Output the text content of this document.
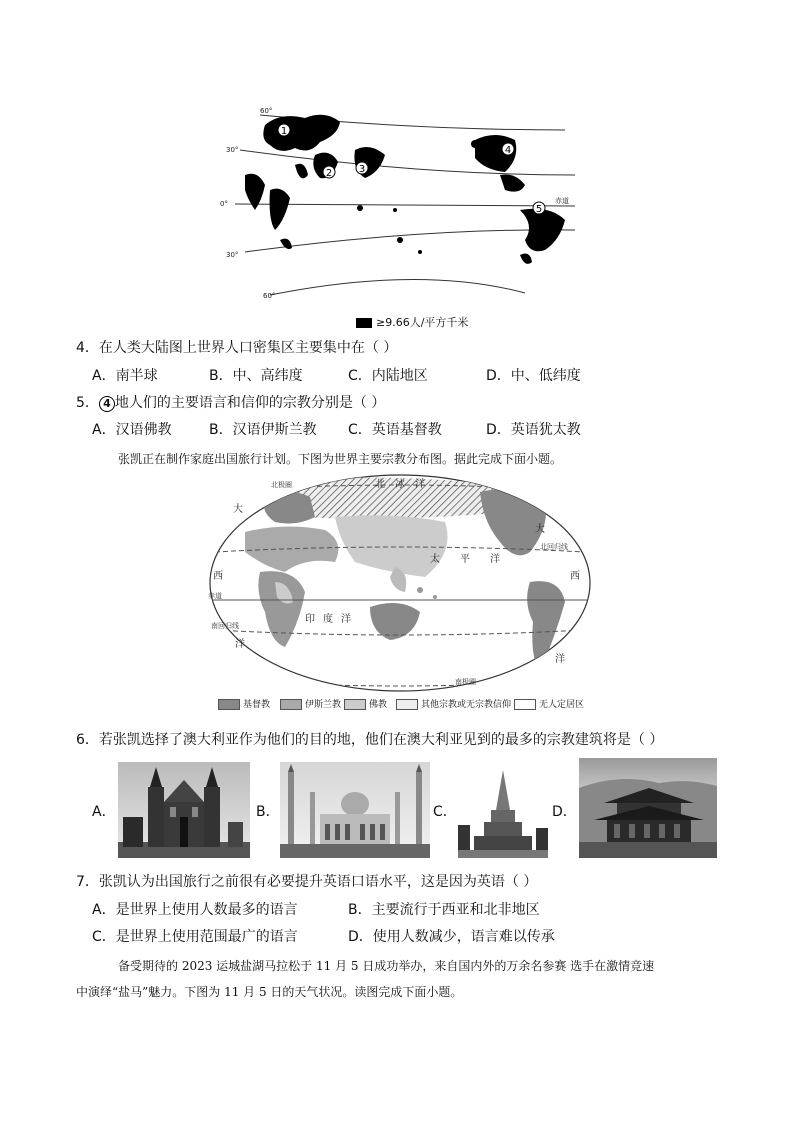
1
2	3
4
5
60°
30°
0°
30°
60°
赤道
≥9.66人/平方千米
4．在人类大陆图上世界人口密集区主要集中在（ ）
A．南半球	B．中、高纬度	C．内陆地区	D．中、低纬度
5． 4 地人们的主要语言和信仰的宗教分别是（ ）
A．汉语佛教	B．汉语伊斯兰教 C．英语基督教	D．英语犹太教
张凯正在制作家庭出国旅行计划。下图为世界主要宗教分布图。据此完成下面小题。
北 冰 洋
大
大
太 平 洋
印 度 洋
西
洋
西
洋
北回归线
赤道
南回归线
南极圈
北极圈
基督教	伊斯兰教	佛教	其他宗教或无宗教信仰	无人定居区
6．若张凯选择了澳大利亚作为他们的目的地，他们在澳大利亚见到的最多的宗教建筑将是（ ）
A．	B．	C．	D．
7．张凯认为出国旅行之前很有必要提升英语口语水平，这是因为英语（ ）
A．是世界上使用人数最多的语言	B．主要流行于西亚和北非地区
C．是世界上使用范围最广的语言	D．使用人数减少，语言难以传承
备受期待的 2023 运城盐湖马拉松于 11 月 5 日成功举办，来自国内外的万余名参赛 选手在激情竞速
中演绎“盐马”魅力。下图为 11 月 5 日的天气状况。读图完成下面小题。
